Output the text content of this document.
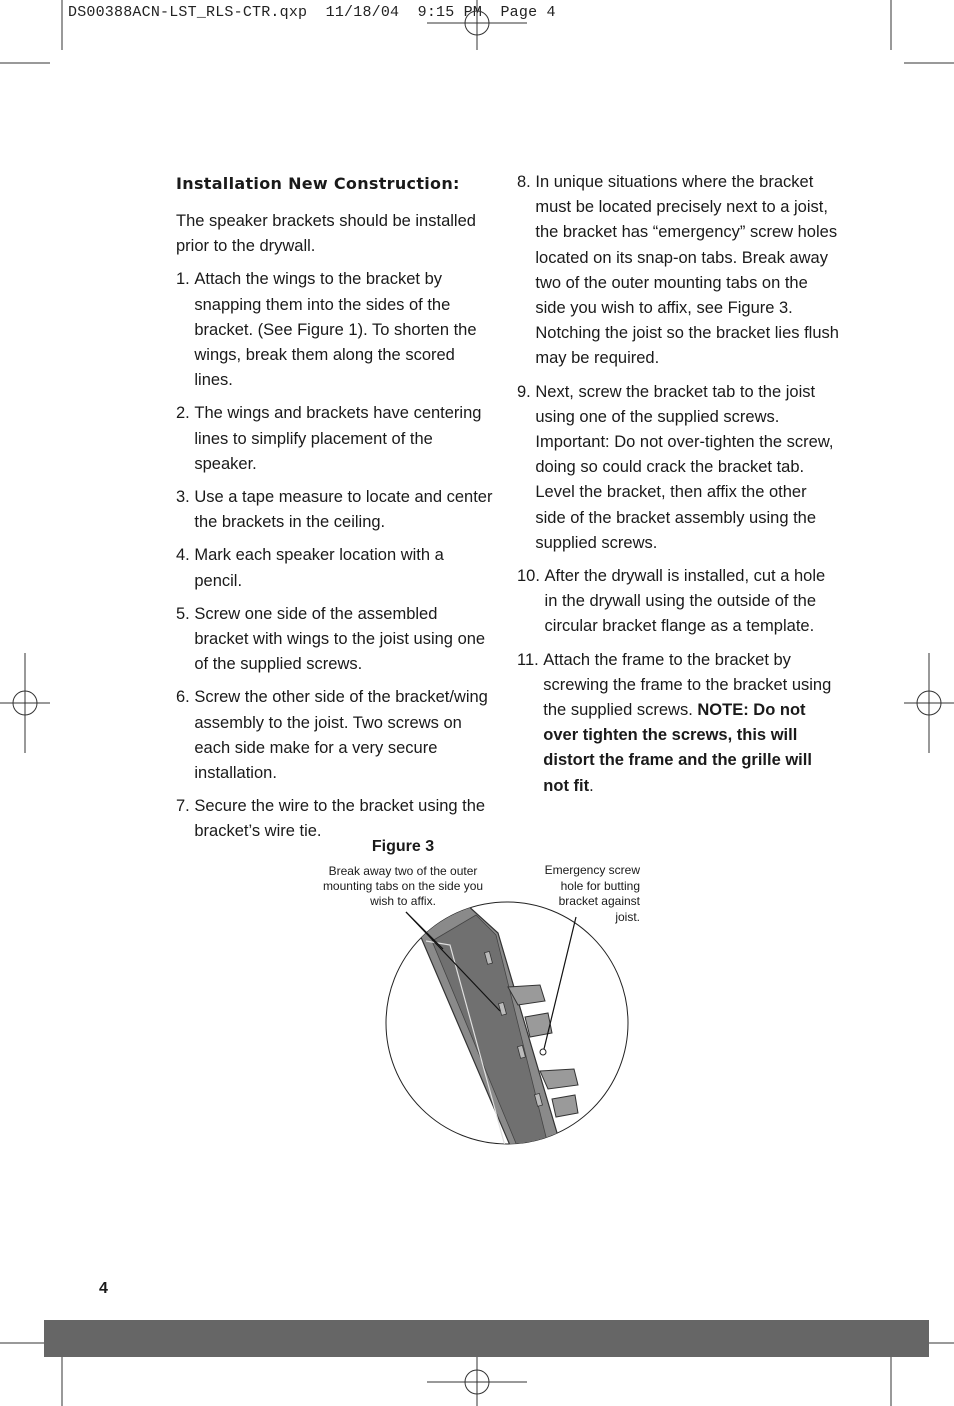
DS00388ACN-LST_RLS-CTR.qxp  11/18/04  9:15 PM  Page 4
Installation New Construction:
The speaker brackets should be installed prior to the drywall.
1. Attach the wings to the bracket by snapping them into the sides of the bracket. (See Figure 1). To shorten the wings, break them along the scored lines.
2. The wings and brackets have centering lines to simplify placement of the speaker.
3. Use a tape measure to locate and center the brackets in the ceiling.
4. Mark each speaker location with a pencil.
5. Screw one side of the assembled bracket with wings to the joist using one of the supplied screws.
6. Screw the other side of the bracket/wing assembly to the joist. Two screws on each side make for a very secure installation.
7. Secure the wire to the bracket using the bracket’s wire tie.
8. In unique situations where the bracket must be located precisely next to a joist, the bracket has “emergency” screw holes located on its snap-on tabs. Break away two of the outer mounting tabs on the side you wish to affix, see Figure 3. Notching the joist so the bracket lies flush may be required.
9. Next, screw the bracket tab to the joist using one of the supplied screws. Important: Do not over-tighten the screw, doing so could crack the bracket tab. Level the bracket, then affix the other side of the bracket assembly using the supplied screws.
10. After the drywall is installed, cut a hole in the drywall using the outside of the circular bracket flange as a template.
11. Attach the frame to the bracket by screwing the frame to the bracket using the supplied screws. NOTE: Do not over tighten the screws, this will distort the frame and the grille will not fit.
Figure 3
Break away two of the outer mounting tabs on the side you wish to affix.
Emergency screw hole for butting bracket against joist.
4
